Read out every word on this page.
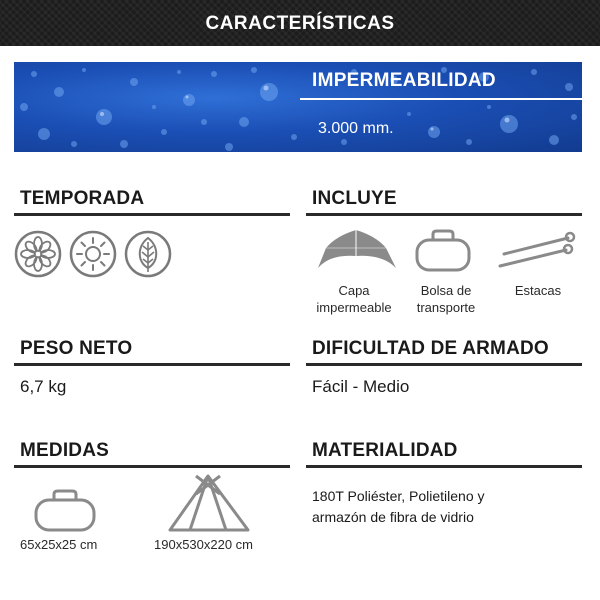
CARACTERÍSTICAS
IMPERMEABILIDAD
3.000 mm.
TEMPORADA	INCLUYE
Capa
impermeable
Bolsa de
transporte
Estacas
PESO NETO
6,7 kg
DIFICULTAD DE ARMADO
Fácil - Medio
MEDIDAS
65x25x25 cm	190x530x220 cm
MATERIALIDAD
180T Poliéster, Polietileno y
armazón de fibra de vidrio
